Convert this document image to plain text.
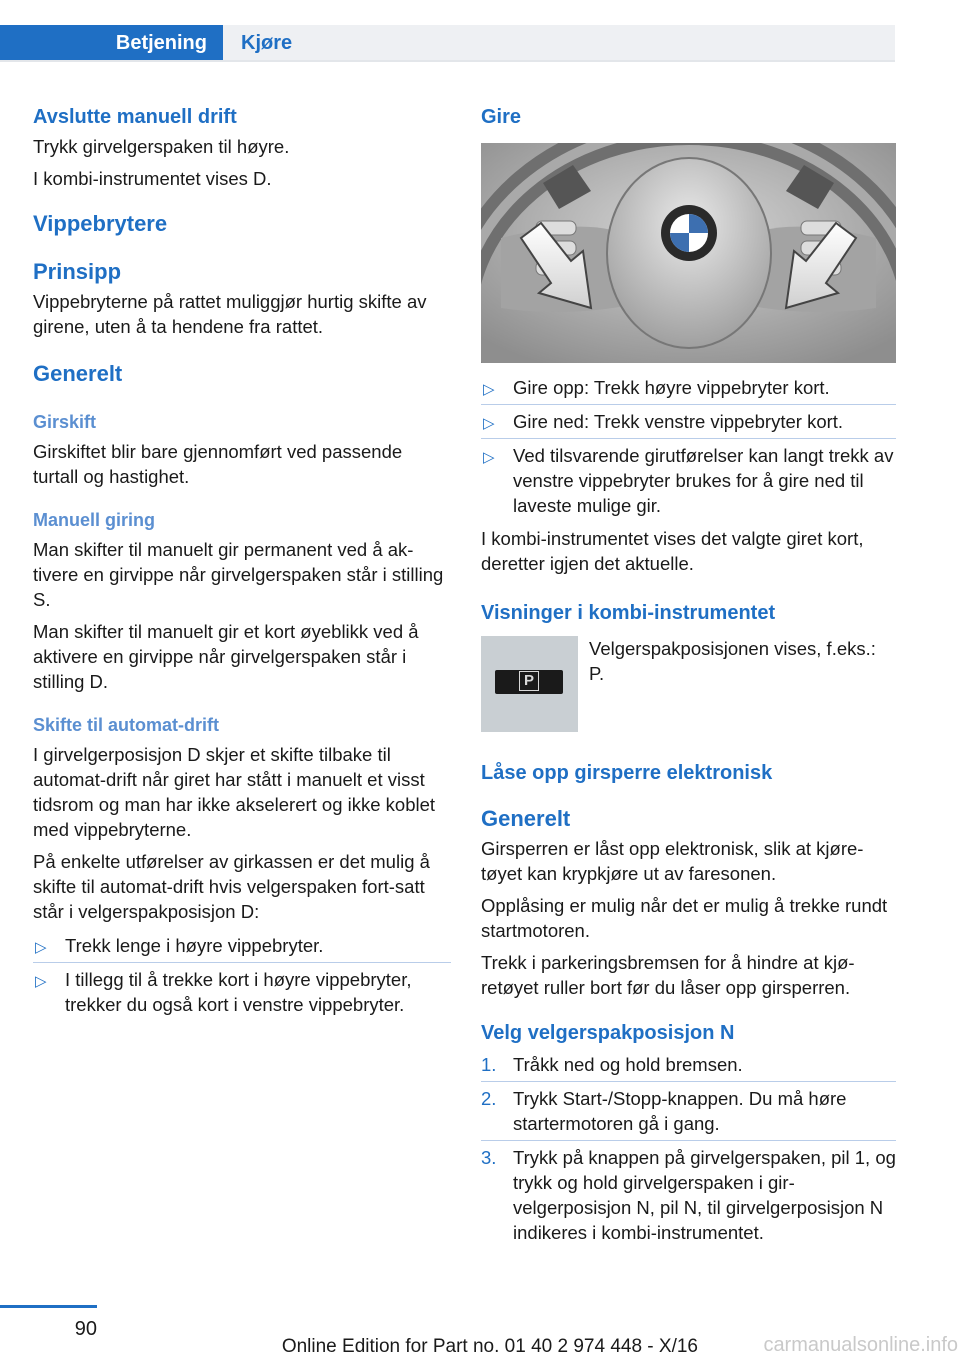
Betjening Kjøre
Avslutte manuell drift
Trykk girvelgerspaken til høyre.
I kombi-instrumentet vises D.
Vippebrytere
Prinsipp
Vippebryterne på rattet muliggjør hurtig skifte av girene, uten å ta hendene fra rattet.
Generelt
Girskift
Girskiftet blir bare gjennomført ved passende turtall og hastighet.
Manuell giring
Man skifter til manuelt gir permanent ved å ak‐tivere en girvippe når girvelgerspaken står i stilling S.
Man skifter til manuelt gir et kort øyeblikk ved å aktivere en girvippe når girvelgerspaken står i stilling D.
Skifte til automat-drift
I girvelgerposisjon D skjer et skifte tilbake til automat-drift når giret har stått i manuelt et visst tidsrom og man har ikke akselerert og ikke koblet med vippebryterne.
På enkelte utførelser av girkassen er det mulig å skifte til automat-drift hvis velgerspaken fort‐satt står i velgerspakposisjon D:
▷ Trekk lenge i høyre vippebryter.
▷ I tillegg til å trekke kort i høyre vippebryter, trekker du også kort i venstre vippebryter.
Gire
▷ Gire opp: Trekk høyre vippebryter kort.
▷ Gire ned: Trekk venstre vippebryter kort.
▷ Ved tilsvarende girutførelser kan langt trekk av venstre vippebryter brukes for å gire ned til laveste mulige gir.
I kombi-instrumentet vises det valgte giret kort, deretter igjen det aktuelle.
Visninger i kombi-instrumentet
P
Velgerspakposisjonen vises, f.eks.: P.
Låse opp girsperre elektronisk
Generelt
Girsperren er låst opp elektronisk, slik at kjøre‐tøyet kan krypkjøre ut av faresonen.
Opplåsing er mulig når det er mulig å trekke rundt startmotoren.
Trekk i parkeringsbremsen for å hindre at kjø‐retøyet ruller bort før du låser opp girsperren.
Velg velgerspakposisjon N
1. Tråkk ned og hold bremsen.
2. Trykk Start-/Stopp-knappen. Du må høre startermotoren gå i gang.
3. Trykk på knappen på girvelgerspaken, pil 1, og trykk og hold girvelgerspaken i gir‐velgerposisjon N, pil N, til girvelgerposisjon N indikeres i kombi-instrumentet.
90
Online Edition for Part no. 01 40 2 974 448 - X/16	carmanualsonline.info
